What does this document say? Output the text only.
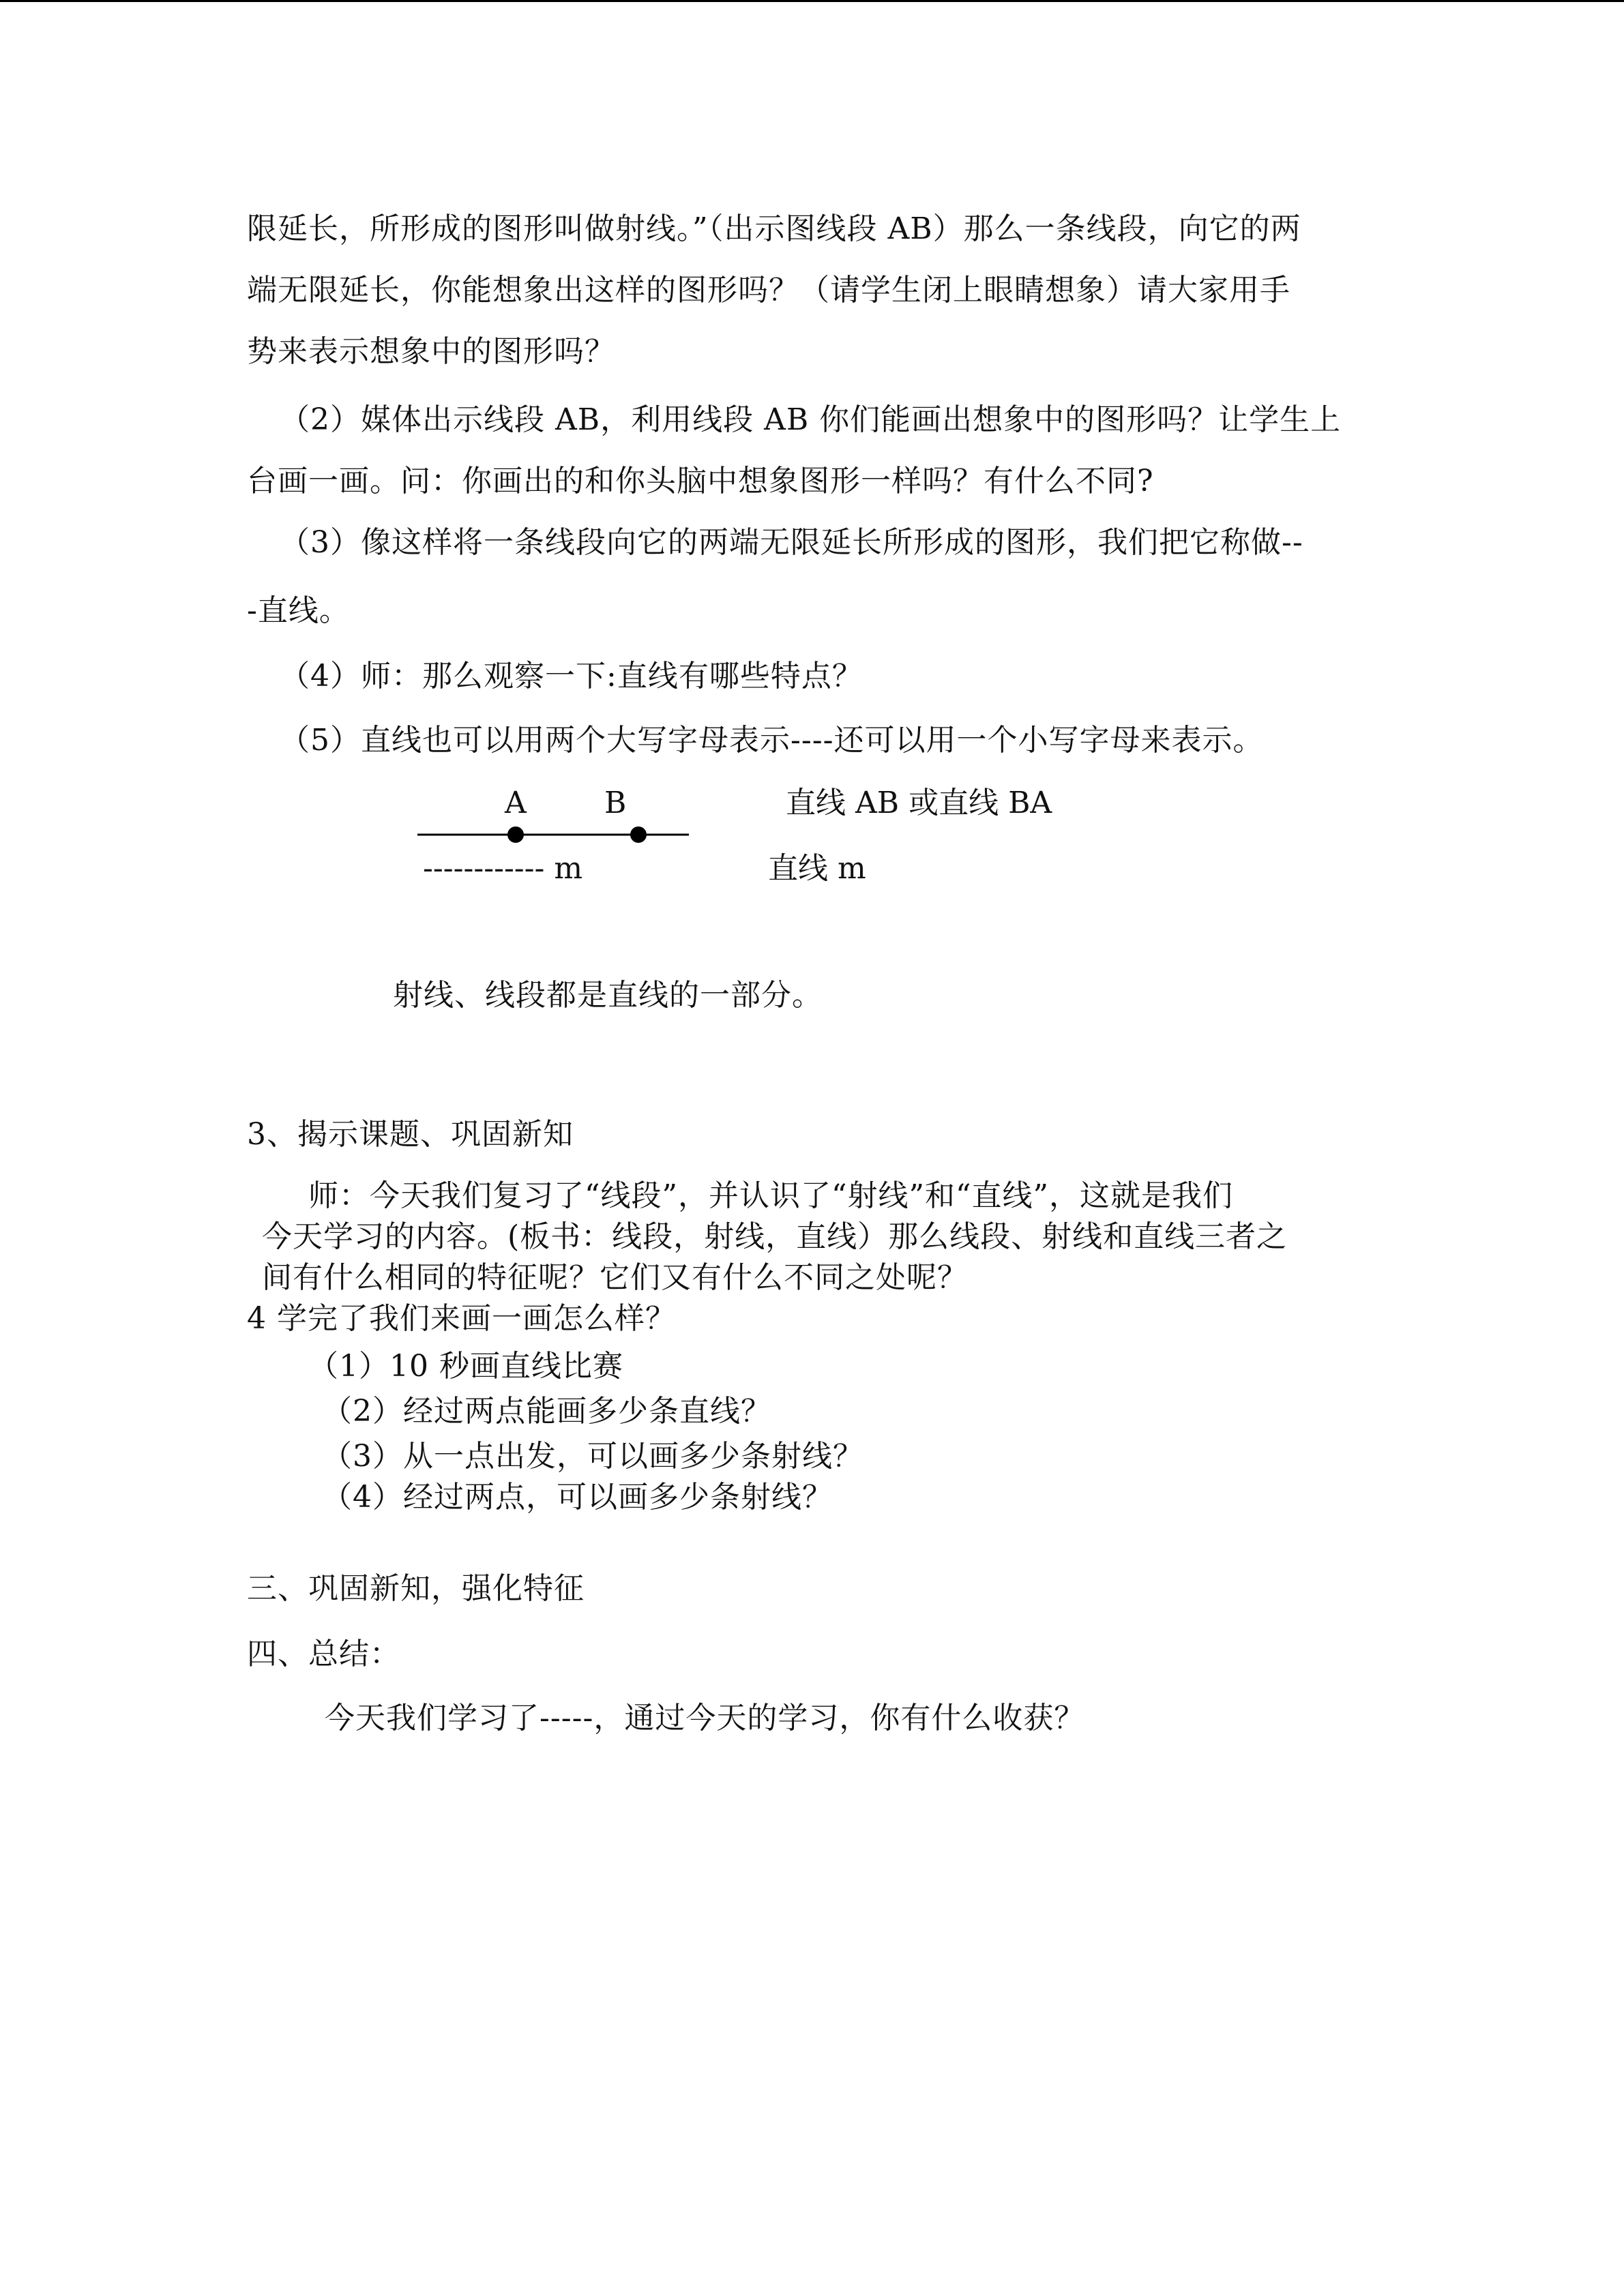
限延长，所形成的图形叫做射线。”（出示图线段 AB）那么一条线段，向它的两
端无限延长，你能想象出这样的图形吗？（请学生闭上眼睛想象）请大家用手
势来表示想象中的图形吗？
（2）媒体出示线段 AB，利用线段 AB 你们能画出想象中的图形吗？让学生上
台画一画。问：你画出的和你头脑中想象图形一样吗？有什么不同?
（3）像这样将一条线段向它的两端无限延长所形成的图形，我们把它称做--
-直线。
（4）师：那么观察一下:直线有哪些特点？
（5）直线也可以用两个大写字母表示----还可以用一个小写字母来表示。
A	B	直线 AB 或直线 BA
------------ m	直线 m
射线、线段都是直线的一部分。
3、揭示课题、巩固新知
师：今天我们复习了“线段”，并认识了“射线”和“直线”，这就是我们
今天学习的内容。(板书：线段，射线，直线）那么线段、射线和直线三者之
间有什么相同的特征呢？它们又有什么不同之处呢？
4 学完了我们来画一画怎么样？
（1）10 秒画直线比赛
（2）经过两点能画多少条直线？
（3）从一点出发，可以画多少条射线？
（4）经过两点，可以画多少条射线？
三、巩固新知，强化特征
四、总结：
今天我们学习了-----，通过今天的学习，你有什么收获？
